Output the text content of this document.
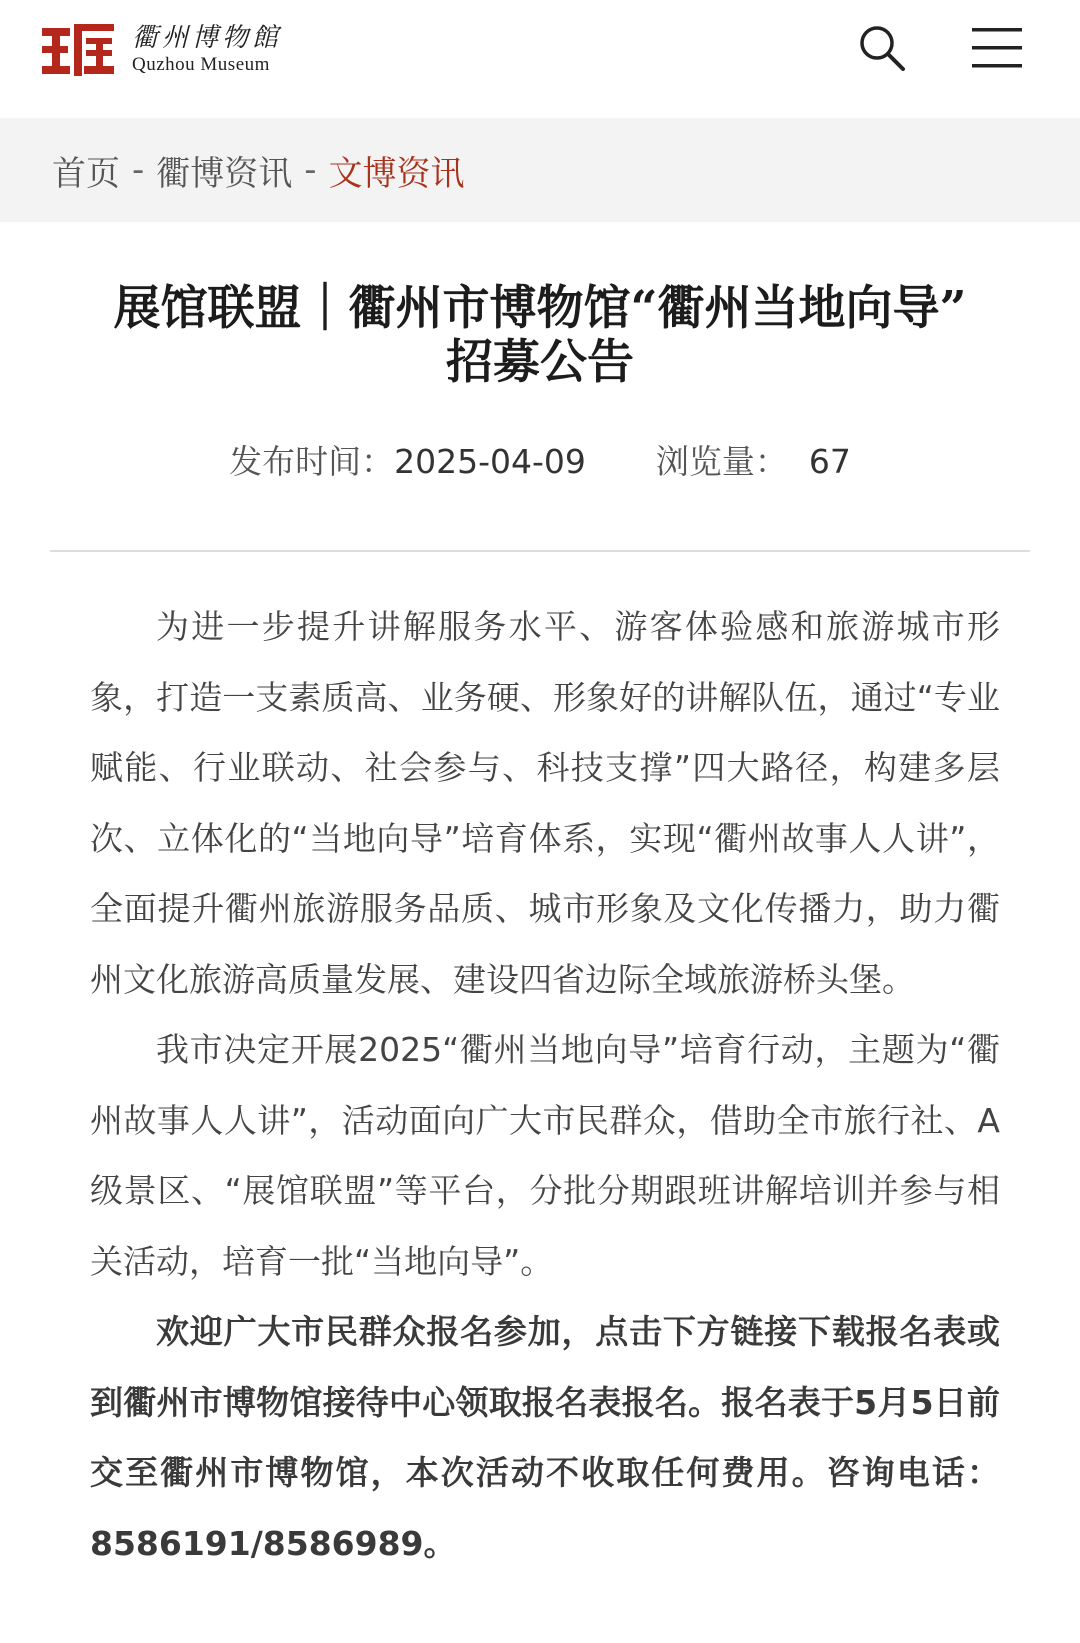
衢州博物館
Quzhou Museum
首页 - 衢博资讯 - 文博资讯
展馆联盟｜衢州市博物馆“衢州当地向导”
招募公告
发布时间：2025-04-09 浏览量： 67

为进一步提升讲解服务水平、游客体验感和旅游城市形象，打造一支素质高、业务硬、形象好的讲解队伍，通过“专业赋能、行业联动、社会参与、科技支撑”四大路径，构建多层次、立体化的“当地向导”培育体系，实现“衢州故事人人讲”，全面提升衢州旅游服务品质、城市形象及文化传播力，助力衢州文化旅游高质量发展、建设四省边际全域旅游桥头堡。

我市决定开展2025“衢州当地向导”培育行动，主题为“衢州故事人人讲”，活动面向广大市民群众，借助全市旅行社、A级景区、“展馆联盟”等平台，分批分期跟班讲解培训并参与相关活动，培育一批“当地向导”。

欢迎广大市民群众报名参加，点击下方链接下载报名表或到衢州市博物馆接待中心领取报名表报名。报名表于5月5日前交至衢州市博物馆，本次活动不收取任何费用。咨询电话：8586191/8586989。
